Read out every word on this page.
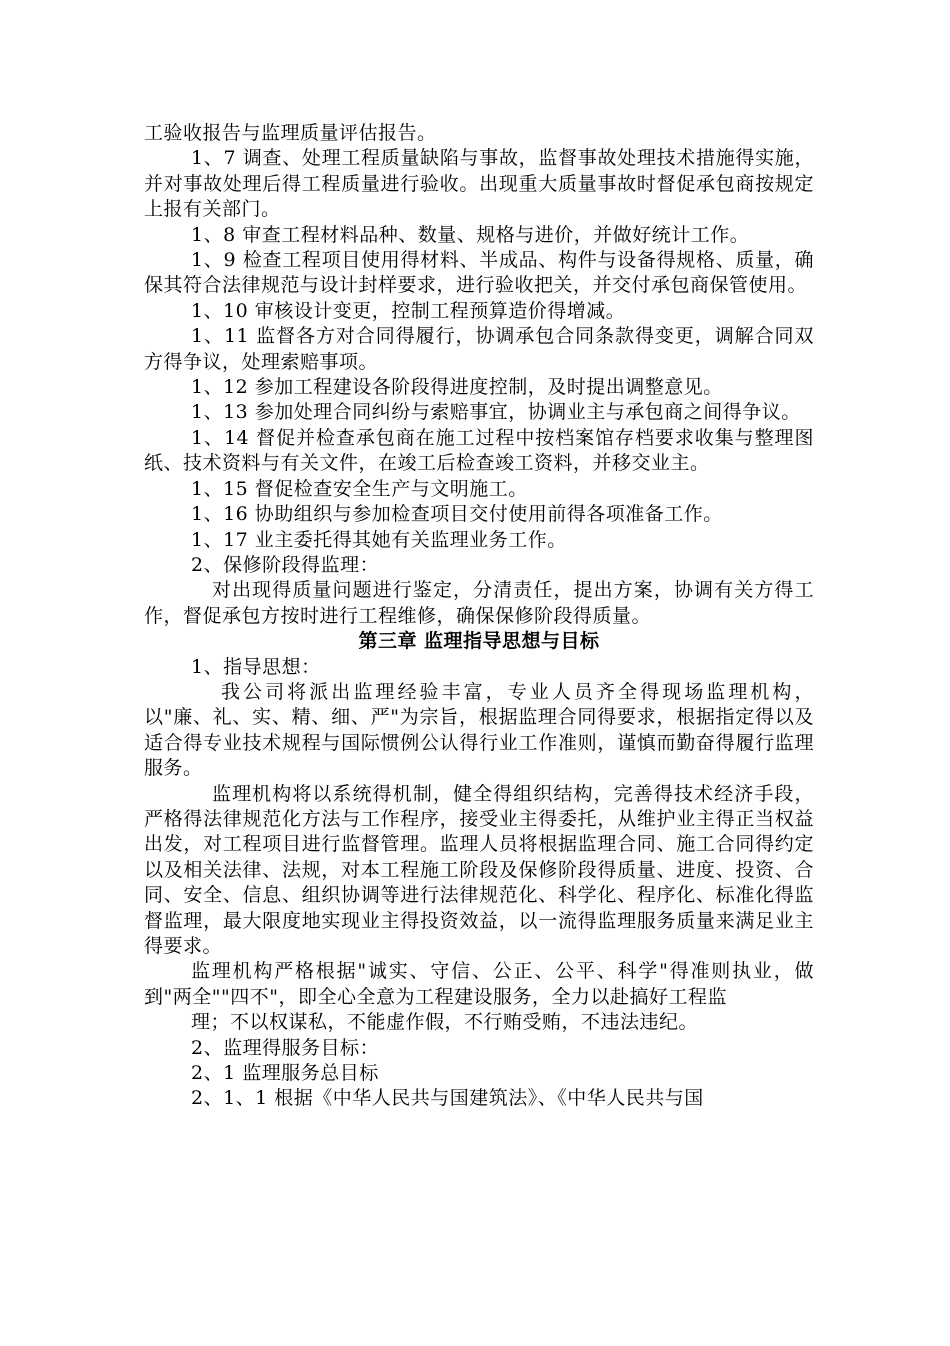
工验收报告与监理质量评估报告。

1、7 调查、处理工程质量缺陷与事故，监督事故处理技术措施得实施，并对事故处理后得工程质量进行验收。出现重大质量事故时督促承包商按规定上报有关部门。

1、8 审查工程材料品种、数量、规格与进价，并做好统计工作。

1、9 检查工程项目使用得材料、半成品、构件与设备得规格、质量，确保其符合法律规范与设计封样要求，进行验收把关，并交付承包商保管使用。

1、10 审核设计变更，控制工程预算造价得增减。

1、11 监督各方对合同得履行，协调承包合同条款得变更，调解合同双方得争议，处理索赔事项。

1、12 参加工程建设各阶段得进度控制，及时提出调整意见。

1、13 参加处理合同纠纷与索赔事宜，协调业主与承包商之间得争议。

1、14 督促并检查承包商在施工过程中按档案馆存档要求收集与整理图纸、技术资料与有关文件，在竣工后检查竣工资料，并移交业主。

1、15 督促检查安全生产与文明施工。

1、16 协助组织与参加检查项目交付使用前得各项准备工作。

1、17 业主委托得其她有关监理业务工作。

2、保修阶段得监理：

对出现得质量问题进行鉴定，分清责任，提出方案，协调有关方得工作，督促承包方按时进行工程维修，确保保修阶段得质量。

第三章 监理指导思想与目标

1、指导思想：

我公司将派出监理经验丰富，专业人员齐全得现场监理机构，以"廉、礼、实、精、细、严"为宗旨，根据监理合同得要求，根据指定得以及适合得专业技术规程与国际惯例公认得行业工作准则，谨慎而勤奋得履行监理服务。

监理机构将以系统得机制，健全得组织结构，完善得技术经济手段，严格得法律规范化方法与工作程序，接受业主得委托，从维护业主得正当权益出发，对工程项目进行监督管理。监理人员将根据监理合同、施工合同得约定以及相关法律、法规，对本工程施工阶段及保修阶段得质量、进度、投资、合同、安全、信息、组织协调等进行法律规范化、科学化、程序化、标准化得监督监理，最大限度地实现业主得投资效益，以一流得监理服务质量来满足业主得要求。

监理机构严格根据"诚实、守信、公正、公平、科学"得准则执业，做到"两全""四不"，即全心全意为工程建设服务，全力以赴搞好工程监

理；不以权谋私，不能虚作假，不行贿受贿，不违法违纪。

2、监理得服务目标：

2、1 监理服务总目标

2、1、1 根据《中华人民共与国建筑法》、《中华人民共与国
